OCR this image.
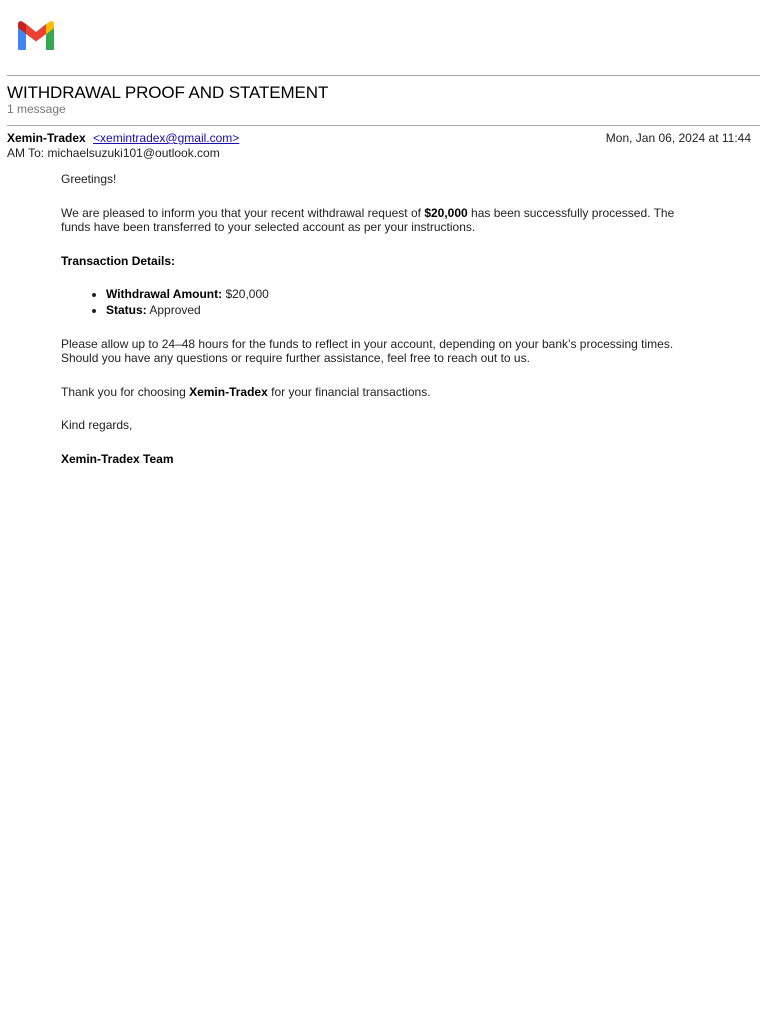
WITHDRAWAL PROOF AND STATEMENT
1 message
Xemin-Tradex <xemintradex@gmail.com>	Mon, Jan 06, 2024 at 11:44
AM To: michaelsuzuki101@outlook.com

Greetings!

We are pleased to inform you that your recent withdrawal request of $20,000 has been successfully processed. The funds have been transferred to your selected account as per your instructions.

Transaction Details:

• Withdrawal Amount: $20,000
• Status: Approved

Please allow up to 24–48 hours for the funds to reflect in your account, depending on your bank’s processing times. Should you have any questions or require further assistance, feel free to reach out to us.

Thank you for choosing Xemin-Tradex for your financial transactions.

Kind regards,

Xemin-Tradex Team
